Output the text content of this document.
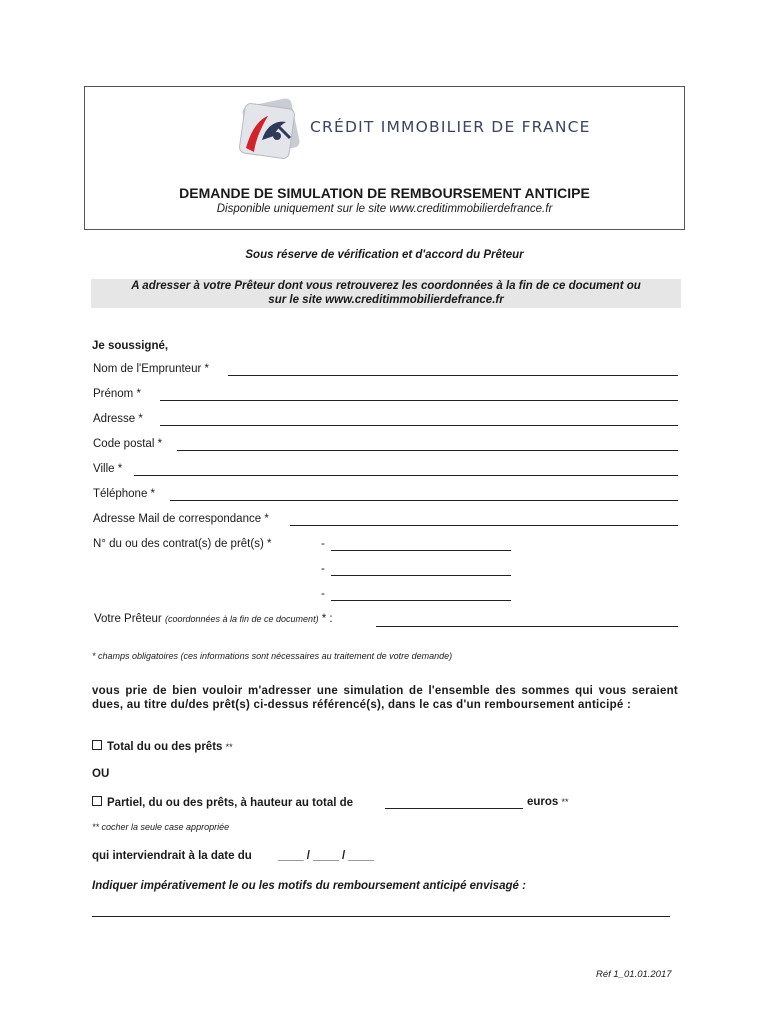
CRÉDIT IMMOBILIER DE FRANCE
DEMANDE DE SIMULATION DE REMBOURSEMENT ANTICIPE
Disponible uniquement sur le site www.creditimmobilierdefrance.fr
Sous réserve de vérification et d'accord du Prêteur
A adresser à votre Prêteur dont vous retrouverez les coordonnées à la fin de ce document ou
sur le site www.creditimmobilierdefrance.fr
Je soussigné,
Nom de l'Emprunteur *
Prénom *
Adresse *
Code postal *
Ville *
Téléphone *
Adresse Mail de correspondance *
N° du ou des contrat(s) de prêt(s) *	-
-
-
Votre Prêteur (coordonnées à la fin de ce document) * :
* champs obligatoires (ces informations sont nécessaires au traitement de votre demande)
vous prie de bien vouloir m'adresser une simulation de l'ensemble des sommes qui vous seraient dues, au titre du/des prêt(s) ci-dessus référencé(s), dans le cas d'un remboursement anticipé :
Total du ou des prêts **
OU
Partiel, du ou des prêts, à hauteur au total de	euros **
** cocher la seule case appropriée
qui interviendrait à la date du ____ / ____ / ____
Indiquer impérativement le ou les motifs du remboursement anticipé envisagé :
Réf 1_01.01.2017
